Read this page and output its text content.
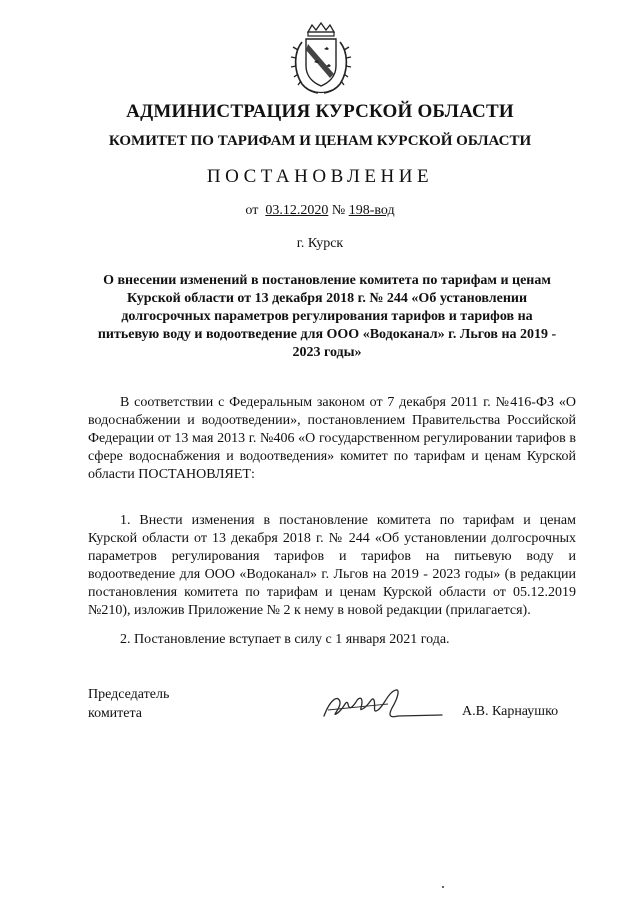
АДМИНИСТРАЦИЯ КУРСКОЙ ОБЛАСТИ
КОМИТЕТ ПО ТАРИФАМ И ЦЕНАМ КУРСКОЙ ОБЛАСТИ
ПОСТАНОВЛЕНИЕ
от 03.12.2020 № 198-вод
г. Курск
О внесении изменений в постановление комитета по тарифам и ценам Курской области от 13 декабря 2018 г. № 244 «Об установлении долгосрочных параметров регулирования тарифов и тарифов на питьевую воду и водоотведение для ООО «Водоканал» г. Льгов на 2019 - 2023 годы»

В соответствии с Федеральным законом от 7 декабря 2011 г. №416-ФЗ «О водоснабжении и водоотведении», постановлением Правительства Российской Федерации от 13 мая 2013 г. №406 «О государственном регулировании тарифов в сфере водоснабжения и водоотведения» комитет по тарифам и ценам Курской области ПОСТАНОВЛЯЕТ:

1. Внести изменения в постановление комитета по тарифам и ценам Курской области от 13 декабря 2018 г. № 244 «Об установлении долгосрочных параметров регулирования тарифов и тарифов на питьевую воду и водоотведение для ООО «Водоканал» г. Льгов на 2019 - 2023 годы» (в редакции постановления комитета по тарифам и ценам Курской области от 05.12.2019 №210), изложив Приложение № 2 к нему в новой редакции (прилагается).

2. Постановление вступает в силу с 1 января 2021 года.

Председатель
комитета	А.В. Карнаушко
